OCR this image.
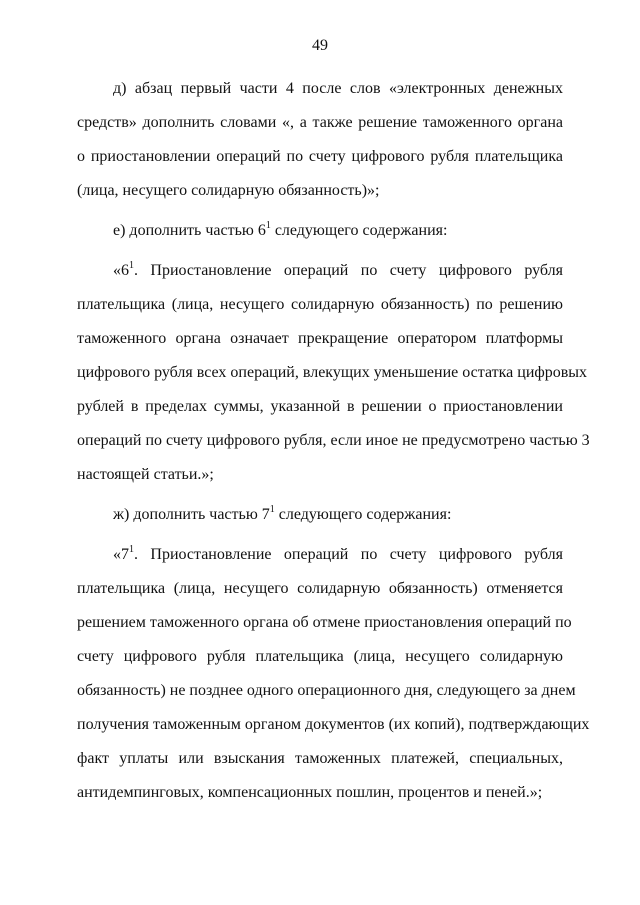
49
д) абзац первый части 4 после слов «электронных денежных
средств» дополнить словами «, а также решение таможенного органа
о приостановлении операций по счету цифрового рубля плательщика
(лица, несущего солидарную обязанность)»;
е) дополнить частью $6^1$ следующего содержания:
«$6^1$. Приостановление операций по счету цифрового рубля
плательщика (лица, несущего солидарную обязанность) по решению
таможенного органа означает прекращение оператором платформы
цифрового рубля всех операций, влекущих уменьшение остатка цифровых
рублей в пределах суммы, указанной в решении о приостановлении
операций по счету цифрового рубля, если иное не предусмотрено частью 3
настоящей статьи.»;
ж) дополнить частью $7^1$ следующего содержания:
«$7^1$. Приостановление операций по счету цифрового рубля
плательщика (лица, несущего солидарную обязанность) отменяется
решением таможенного органа об отмене приостановления операций по
счету цифрового рубля плательщика (лица, несущего солидарную
обязанность) не позднее одного операционного дня, следующего за днем
получения таможенным органом документов (их копий), подтверждающих
факт уплаты или взыскания таможенных платежей, специальных,
антидемпинговых, компенсационных пошлин, процентов и пеней.»;
